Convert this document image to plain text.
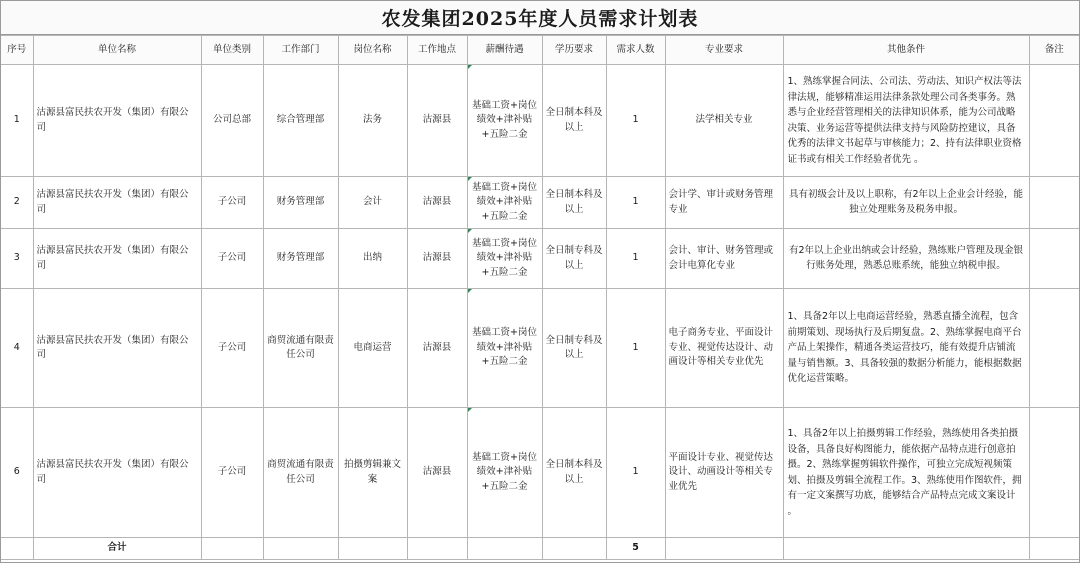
农发集团2025年度人员需求计划表
序号	单位名称	单位类别	工作部门	岗位名称	工作地点	薪酬待遇	学历要求	需求人数	专业要求	其他条件	备注
1	沽源县富民扶农开发（集团）有限公司	公司总部	综合管理部	法务	沽源县	基础工资+岗位绩效+津补贴+五险二金	全日制本科及以上	1	法学相关专业	1、熟练掌握合同法、公司法、劳动法、知识产权法等法律法规，能够精准运用法律条款处理公司各类事务。熟悉与企业经营管理相关的法律知识体系，能为公司战略决策、业务运营等提供法律支持与风险防控建议，具备优秀的法律文书起草与审核能力；2、持有法律职业资格证书或有相关工作经验者优先 。	
2	沽源县富民扶农开发（集团）有限公司	子公司	财务管理部	会计	沽源县	基础工资+岗位绩效+津补贴+五险二金	全日制本科及以上	1	会计学、审计或财务管理专业	具有初级会计及以上职称，有2年以上企业会计经验，能独立处理账务及税务申报。	
3	沽源县富民扶农开发（集团）有限公司	子公司	财务管理部	出纳	沽源县	基础工资+岗位绩效+津补贴+五险二金	全日制专科及以上	1	会计、审计、财务管理或会计电算化专业	有2年以上企业出纳或会计经验，熟练账户管理及现金银行账务处理，熟悉总账系统，能独立纳税申报。	
4	沽源县富民扶农开发（集团）有限公司	子公司	商贸流通有限责任公司	电商运营	沽源县	基础工资+岗位绩效+津补贴+五险二金	全日制专科及以上	1	电子商务专业、平面设计专业、视觉传达设计、动画设计等相关专业优先	1、具备2年以上电商运营经验，熟悉直播全流程，包含前期策划、现场执行及后期复盘。2、熟练掌握电商平台产品上架操作，精通各类运营技巧，能有效提升店铺流量与销售额。3、具备较强的数据分析能力，能根据数据优化运营策略。	
6	沽源县富民扶农开发（集团）有限公司	子公司	商贸流通有限责任公司	拍摄剪辑兼文案	沽源县	基础工资+岗位绩效+津补贴+五险二金	全日制本科及以上	1	平面设计专业、视觉传达设计、动画设计等相关专业优先	1、具备2年以上拍摄剪辑工作经验，熟练使用各类拍摄设备，具备良好构图能力，能依据产品特点进行创意拍摄。2、熟练掌握剪辑软件操作，可独立完成短视频策划、拍摄及剪辑全流程工作。3、熟练使用作图软件，拥有一定文案撰写功底，能够结合产品特点完成文案设计 。	
	合计							5			
